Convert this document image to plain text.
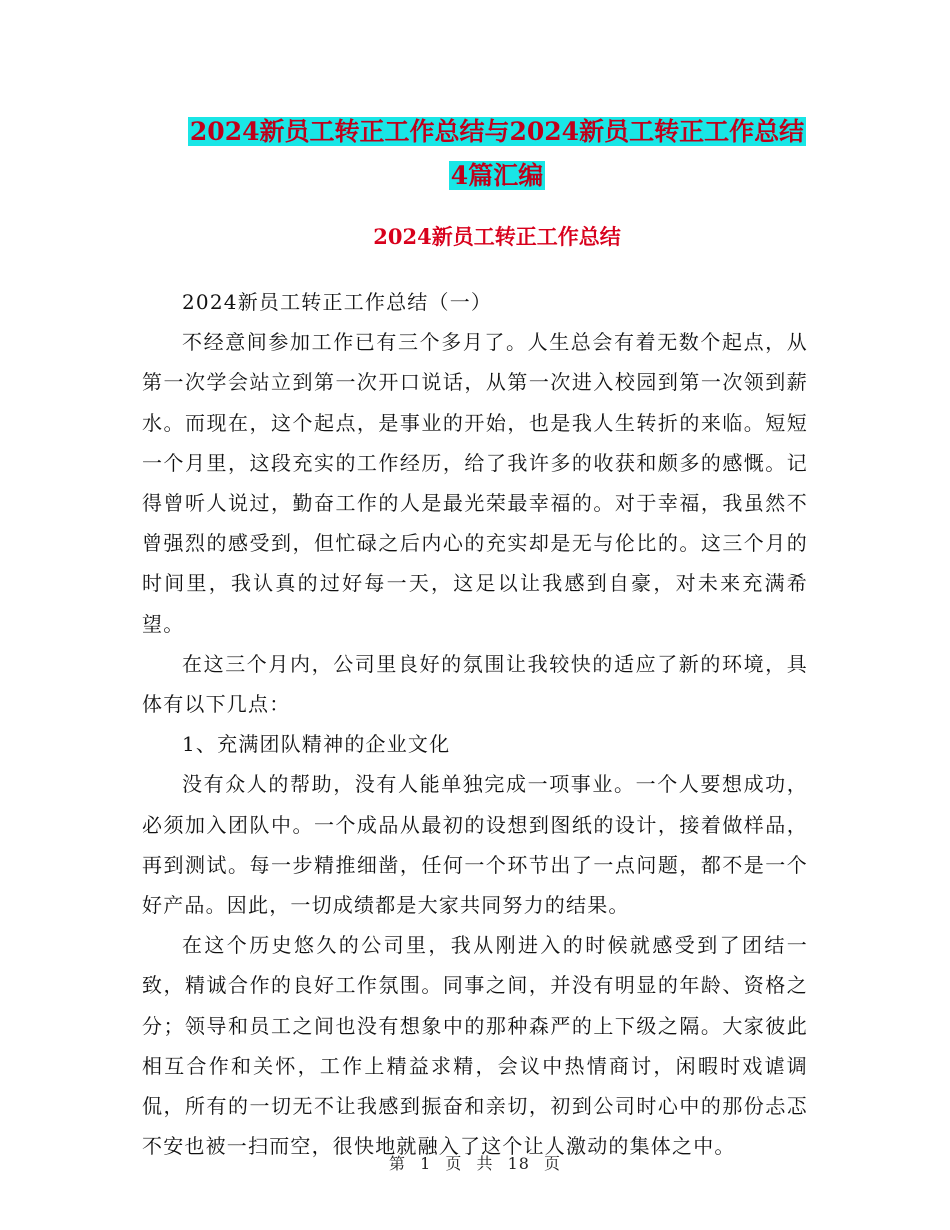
2024新员工转正工作总结与2024新员工转正工作总结
4篇汇编
2024新员工转正工作总结

2024新员工转正工作总结（一）

不经意间参加工作已有三个多月了。人生总会有着无数个起点，从第一次学会站立到第一次开口说话，从第一次进入校园到第一次领到薪水。而现在，这个起点，是事业的开始，也是我人生转折的来临。短短一个月里，这段充实的工作经历，给了我许多的收获和颇多的感慨。记得曾听人说过，勤奋工作的人是最光荣最幸福的。对于幸福，我虽然不曾强烈的感受到，但忙碌之后内心的充实却是无与伦比的。这三个月的时间里，我认真的过好每一天，这足以让我感到自豪，对未来充满希望。

在这三个月内，公司里良好的氛围让我较快的适应了新的环境，具体有以下几点：

1、充满团队精神的企业文化

没有众人的帮助，没有人能单独完成一项事业。一个人要想成功，必须加入团队中。一个成品从最初的设想到图纸的设计，接着做样品，再到测试。每一步精推细凿，任何一个环节出了一点问题，都不是一个好产品。因此，一切成绩都是大家共同努力的结果。

在这个历史悠久的公司里，我从刚进入的时候就感受到了团结一致，精诚合作的良好工作氛围。同事之间，并没有明显的年龄、资格之分；领导和员工之间也没有想象中的那种森严的上下级之隔。大家彼此相互合作和关怀，工作上精益求精，会议中热情商讨，闲暇时戏谑调侃，所有的一切无不让我感到振奋和亲切，初到公司时心中的那份忐忑不安也被一扫而空，很快地就融入了这个让人激动的集体之中。

第 1 页 共 18 页
